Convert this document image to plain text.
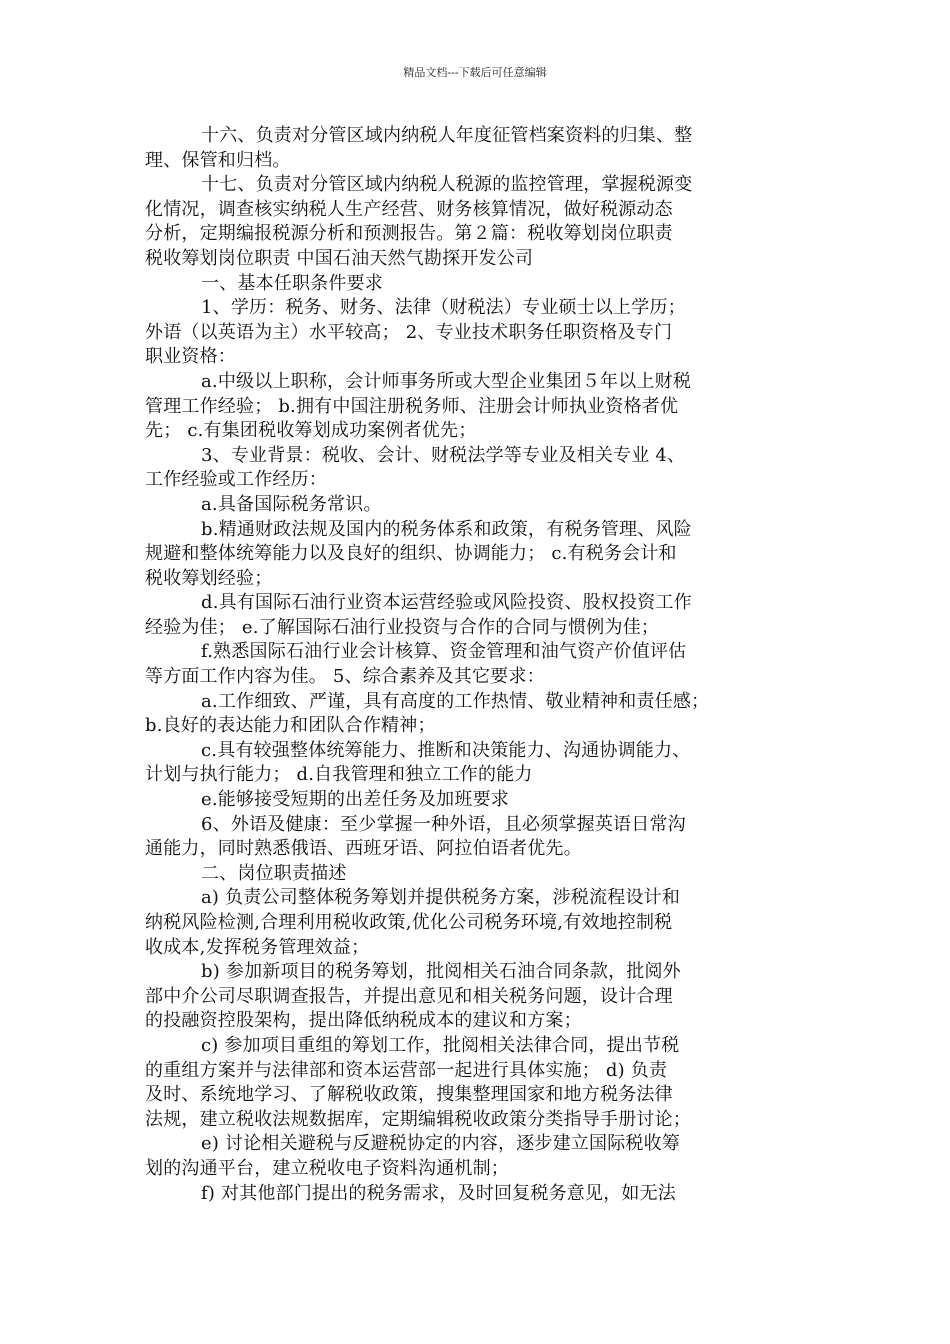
精品文档---下载后可任意编辑
十六、负责对分管区域内纳税人年度征管档案资料的归集、整
理、保管和归档。
十七、负责对分管区域内纳税人税源的监控管理，掌握税源变
化情况，调查核实纳税人生产经营、财务核算情况，做好税源动态
分析，定期编报税源分析和预测报告。第２篇：税收筹划岗位职责
税收筹划岗位职责 中国石油天然气勘探开发公司
一、基本任职条件要求
1、学历：税务、财务、法律（财税法）专业硕士以上学历；
外语（以英语为主）水平较高； 2、专业技术职务任职资格及专门
职业资格：
a.中级以上职称，会计师事务所或大型企业集团５年以上财税
管理工作经验； b.拥有中国注册税务师、注册会计师执业资格者优
先； c.有集团税收筹划成功案例者优先；
3、专业背景：税收、会计、财税法学等专业及相关专业 4、
工作经验或工作经历：
a.具备国际税务常识。
b.精通财政法规及国内的税务体系和政策，有税务管理、风险
规避和整体统筹能力以及良好的组织、协调能力； c.有税务会计和
税收筹划经验；
d.具有国际石油行业资本运营经验或风险投资、股权投资工作
经验为佳； e.了解国际石油行业投资与合作的合同与惯例为佳；
f.熟悉国际石油行业会计核算、资金管理和油气资产价值评估
等方面工作内容为佳。 5、综合素养及其它要求：
a.工作细致、严谨，具有高度的工作热情、敬业精神和责任感；
b.良好的表达能力和团队合作精神；
c.具有较强整体统筹能力、推断和决策能力、沟通协调能力、
计划与执行能力； d.自我管理和独立工作的能力
e.能够接受短期的出差任务及加班要求
6、外语及健康：至少掌握一种外语，且必须掌握英语日常沟
通能力，同时熟悉俄语、西班牙语、阿拉伯语者优先。
二、岗位职责描述
a) 负责公司整体税务筹划并提供税务方案，涉税流程设计和
纳税风险检测,合理利用税收政策,优化公司税务环境,有效地控制税
收成本,发挥税务管理效益；
b) 参加新项目的税务筹划，批阅相关石油合同条款，批阅外
部中介公司尽职调查报告，并提出意见和相关税务问题，设计合理
的投融资控股架构，提出降低纳税成本的建议和方案；
c) 参加项目重组的筹划工作，批阅相关法律合同，提出节税
的重组方案并与法律部和资本运营部一起进行具体实施； d) 负责
及时、系统地学习、了解税收政策，搜集整理国家和地方税务法律
法规，建立税收法规数据库，定期编辑税收政策分类指导手册讨论；
e) 讨论相关避税与反避税协定的内容，逐步建立国际税收筹
划的沟通平台，建立税收电子资料沟通机制；
f) 对其他部门提出的税务需求，及时回复税务意见，如无法
